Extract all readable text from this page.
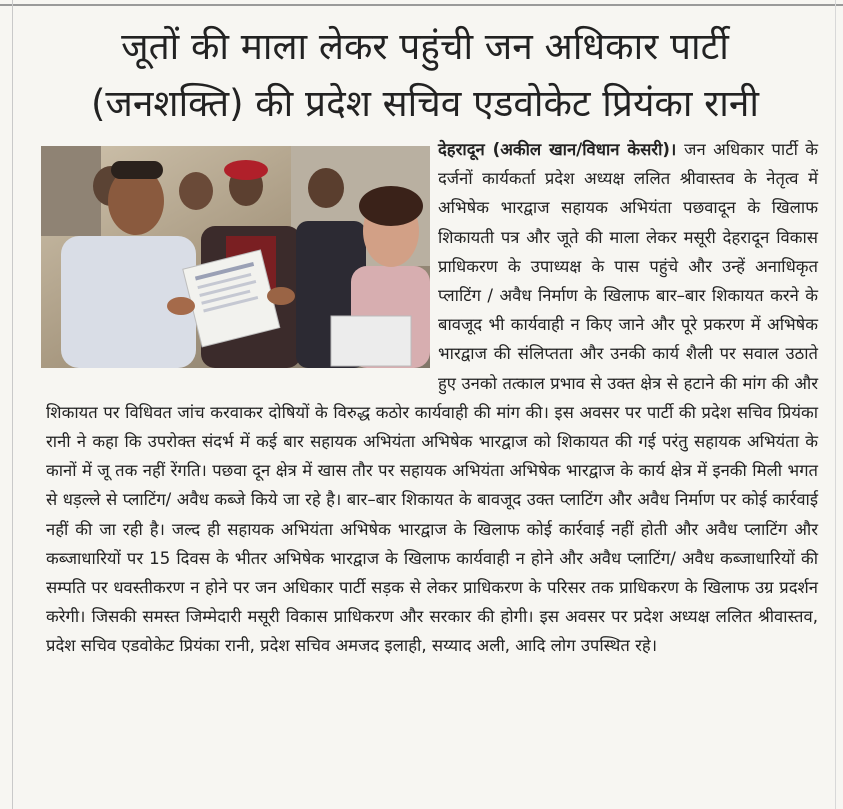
जूतों की माला लेकर पहुंची जन अधिकार पार्टी
(जनशक्ति) की प्रदेश सचिव एडवोकेट प्रियंका रानी
देहरादून (अकील खान/विधान केसरी)। जन अधिकार पार्टी के दर्जनों कार्यकर्ता प्रदेश अध्यक्ष ललित श्रीवास्तव के नेतृत्व में अभिषेक भारद्वाज सहायक अभियंता पछवादून के खिलाफ शिकायती पत्र और जूते की माला लेकर मसूरी देहरादून विकास प्राधिकरण के उपाध्यक्ष के पास पहुंचे और उन्हें अनाधिकृत प्लाटिंग / अवैध निर्माण के खिलाफ बार–बार शिकायत करने के बावजूद भी कार्यवाही न किए जाने और पूरे प्रकरण में अभिषेक भारद्वाज की संलिप्तता और उनकी कार्य शैली पर सवाल उठाते हुए उनको तत्काल प्रभाव से उक्त क्षेत्र से हटाने की मांग की और शिकायत पर विधिवत जांच करवाकर दोषियों के विरुद्ध कठोर कार्यवाही की मांग की। इस अवसर पर पार्टी की प्रदेश सचिव प्रियंका रानी ने कहा कि उपरोक्त संदर्भ में कई बार सहायक अभियंता अभिषेक भारद्वाज को शिकायत की गई परंतु सहायक अभियंता के कानों में जू तक नहीं रेंगति। पछवा दून क्षेत्र में खास तौर पर सहायक अभियंता अभिषेक भारद्वाज के कार्य क्षेत्र में इनकी मिली भगत से धड़ल्ले से प्लाटिंग/ अवैध कब्जे किये जा रहे है। बार–बार शिकायत के बावजूद उक्त प्लाटिंग और अवैध निर्माण पर कोई कार्रवाई नहीं की जा रही है। जल्द ही सहायक अभियंता अभिषेक भारद्वाज के खिलाफ कोई कार्रवाई नहीं होती और अवैध प्लाटिंग और कब्जाधारियों पर 15 दिवस के भीतर अभिषेक भारद्वाज के खिलाफ कार्यवाही न होने और अवैध प्लाटिंग/ अवैध कब्जाधारियों की सम्पति पर धवस्तीकरण न होने पर जन अधिकार पार्टी सड़क से लेकर प्राधिकरण के परिसर तक प्राधिकरण के खिलाफ उग्र प्रदर्शन करेगी। जिसकी समस्त जिम्मेदारी मसूरी विकास प्राधिकरण और सरकार की होगी। इस अवसर पर प्रदेश अध्यक्ष ललित श्रीवास्तव, प्रदेश सचिव एडवोकेट प्रियंका रानी, प्रदेश सचिव अमजद इलाही, सय्याद अली, आदि लोग उपस्थित रहे।
